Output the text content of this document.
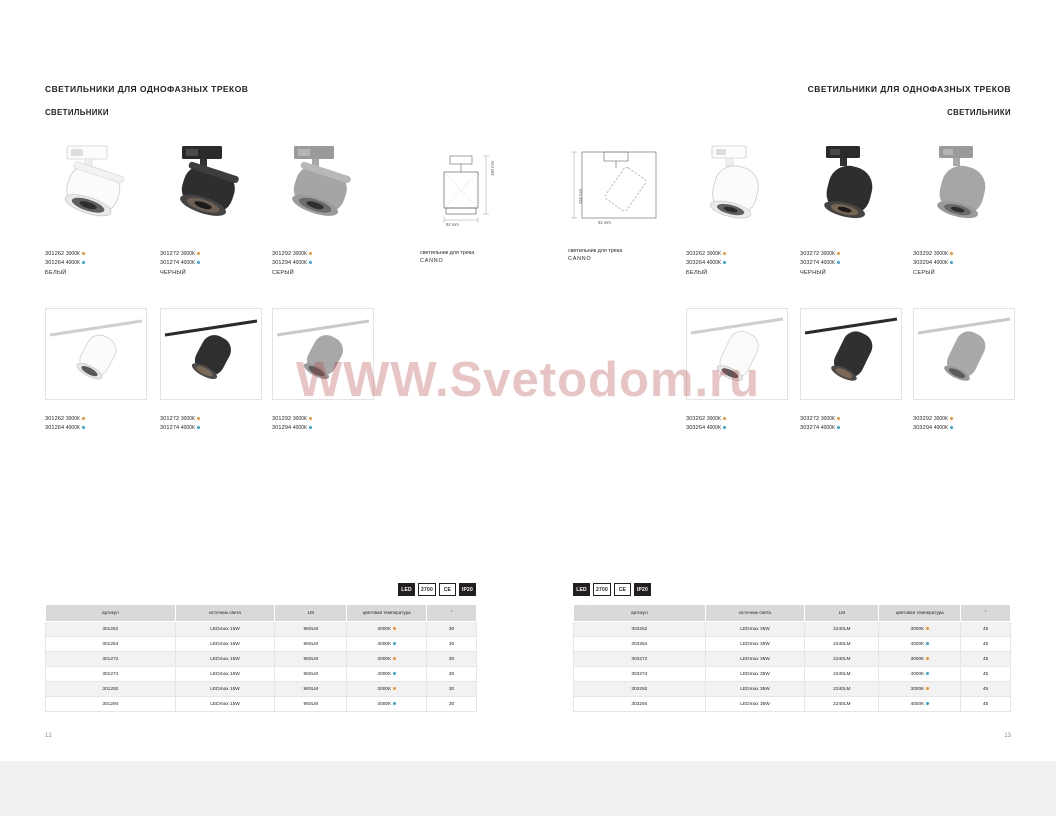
СВЕТИЛЬНИКИ ДЛЯ ОДНОФАЗНЫХ ТРЕКОВ
СВЕТИЛЬНИКИ
92 mm
190 mm
светильник для трека
CANNO
301262 3000К
301264 4000К
БЕЛЫЙ
301272 3000К
301274 4000К
ЧЕРНЫЙ
301292 3000К
301294 4000К
СЕРЫЙ
301262 3000К
301264 4000К
301272 3000К
301274 4000К
301292 3000К
301294 4000К
LED	2700	CE	IP20
артикул	источник света	LM	цветовая температура	°
301262	LEDmax 15W	960LM	3000К	30
301264	LEDmax 15W	960LM	4000К	30
301272	LEDmax 15W	960LM	3000К	30
301274	LEDmax 15W	960LM	4000К	30
301292	LEDmax 15W	960LM	3000К	30
301294	LEDmax 15W	960LM	4000К	30
12
СВЕТИЛЬНИКИ ДЛЯ ОДНОФАЗНЫХ ТРЕКОВ
СВЕТИЛЬНИКИ
246 mm
92 mm
светильник для трека
CANNO
303262 3000К
303264 4000К
БЕЛЫЙ
303272 3000К
303274 4000К
ЧЕРНЫЙ
303292 3000К
303294 4000К
СЕРЫЙ
303262 3000К
303264 4000К
303272 3000К
303274 4000К
303292 3000К
303294 4000К
LED	2700	CE	IP20
артикул	источник света	LM	цветовая температура	°
303262	LEDmax 35W	2240LM	3000К	45
303264	LEDmax 35W	2240LM	4000К	45
303272	LEDmax 35W	2240LM	3000К	45
303274	LEDmax 35W	2240LM	4000К	45
303292	LEDmax 35W	2240LM	3000К	45
303294	LEDmax 35W	2240LM	4000К	45
13
WWW.Svetodom.ru
